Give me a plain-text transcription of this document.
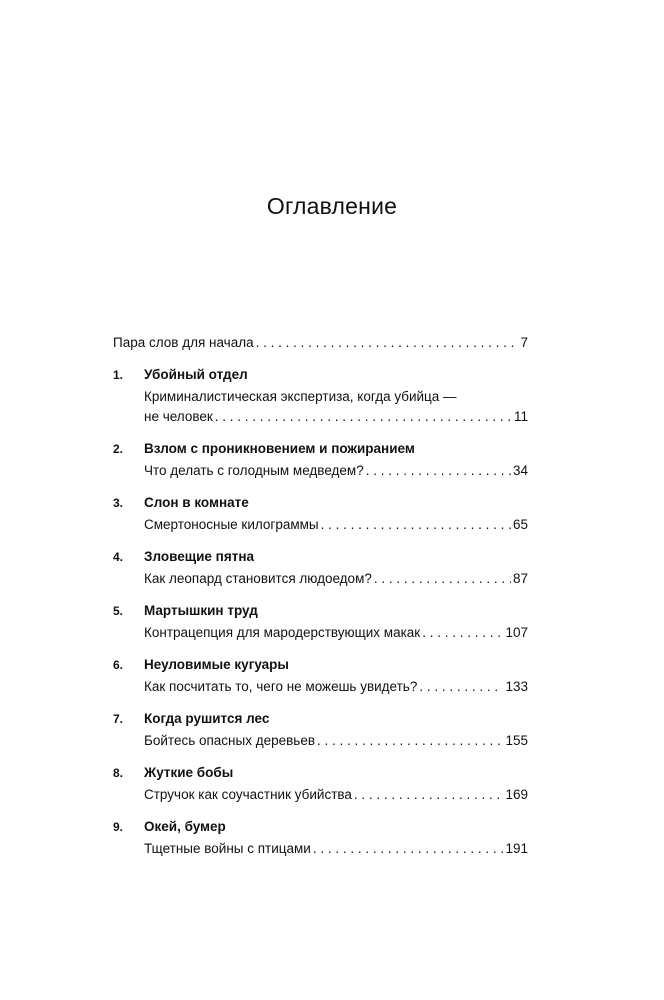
Оглавление
Пара слов для начала . . .	7
1. Убойный отдел
Криминалистическая экспертиза, когда убийца —
не человек . . .	11
2. Взлом с проникновением и пожиранием
Что делать с голодным медведем? . . .	34
3. Слон в комнате
Смертоносные килограммы . . .	65
4. Зловещие пятна
Как леопард становится людоедом? . . .	87
5. Мартышкин труд
Контрацепция для мародерствующих макак . . .	107
6. Неуловимые кугуары
Как посчитать то, чего не можешь увидеть? . . .	133
7. Когда рушится лес
Бойтесь опасных деревьев . . .	155
8. Жуткие бобы
Стручок как соучастник убийства . . .	169
9. Окей, бумер
Тщетные войны с птицами . . .	191
